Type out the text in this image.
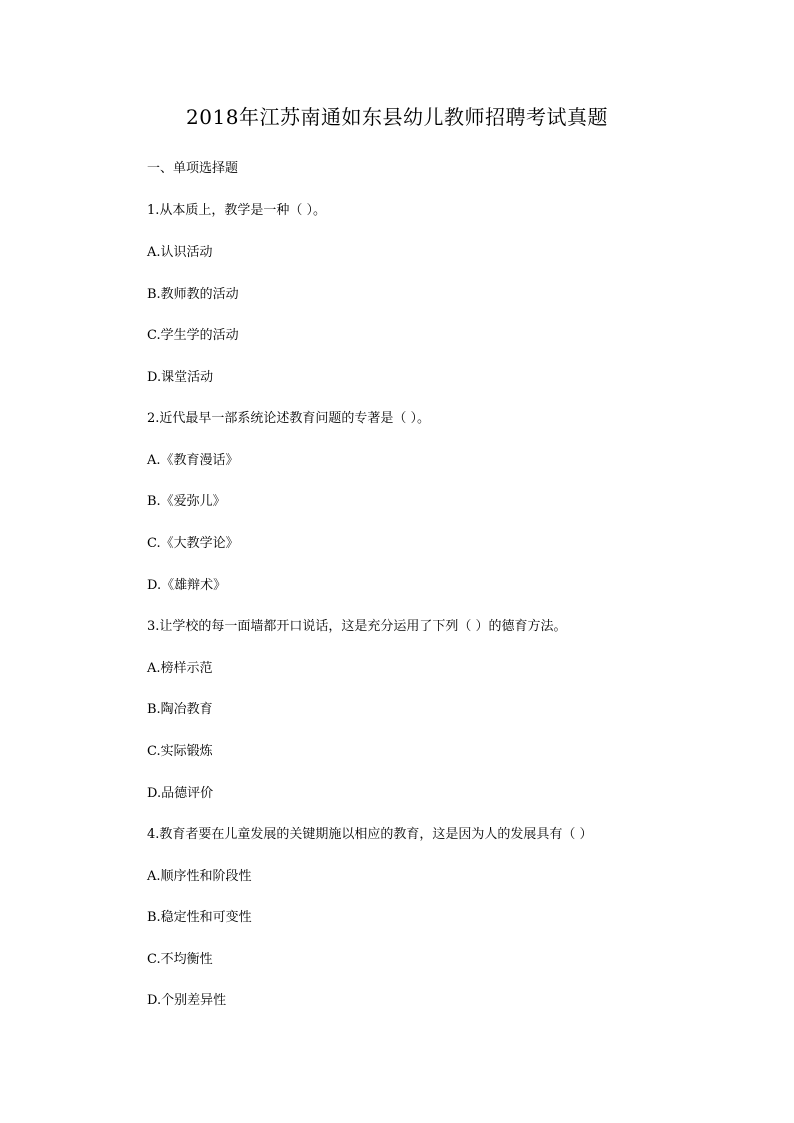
2018年江苏南通如东县幼儿教师招聘考试真题
一、单项选择题
1.从本质上，教学是一种（ ）。
A.认识活动
B.教师教的活动
C.学生学的活动
D.课堂活动
2.近代最早一部系统论述教育问题的专著是（ ）。
A.《教育漫话》
B.《爱弥儿》
C.《大教学论》
D.《雄辩术》
3.让学校的每一面墙都开口说话，这是充分运用了下列（ ）的德育方法。
A.榜样示范
B.陶冶教育
C.实际锻炼
D.品德评价
4.教育者要在儿童发展的关键期施以相应的教育，这是因为人的发展具有（ ）
A.顺序性和阶段性
B.稳定性和可变性
C.不均衡性
D.个别差异性
